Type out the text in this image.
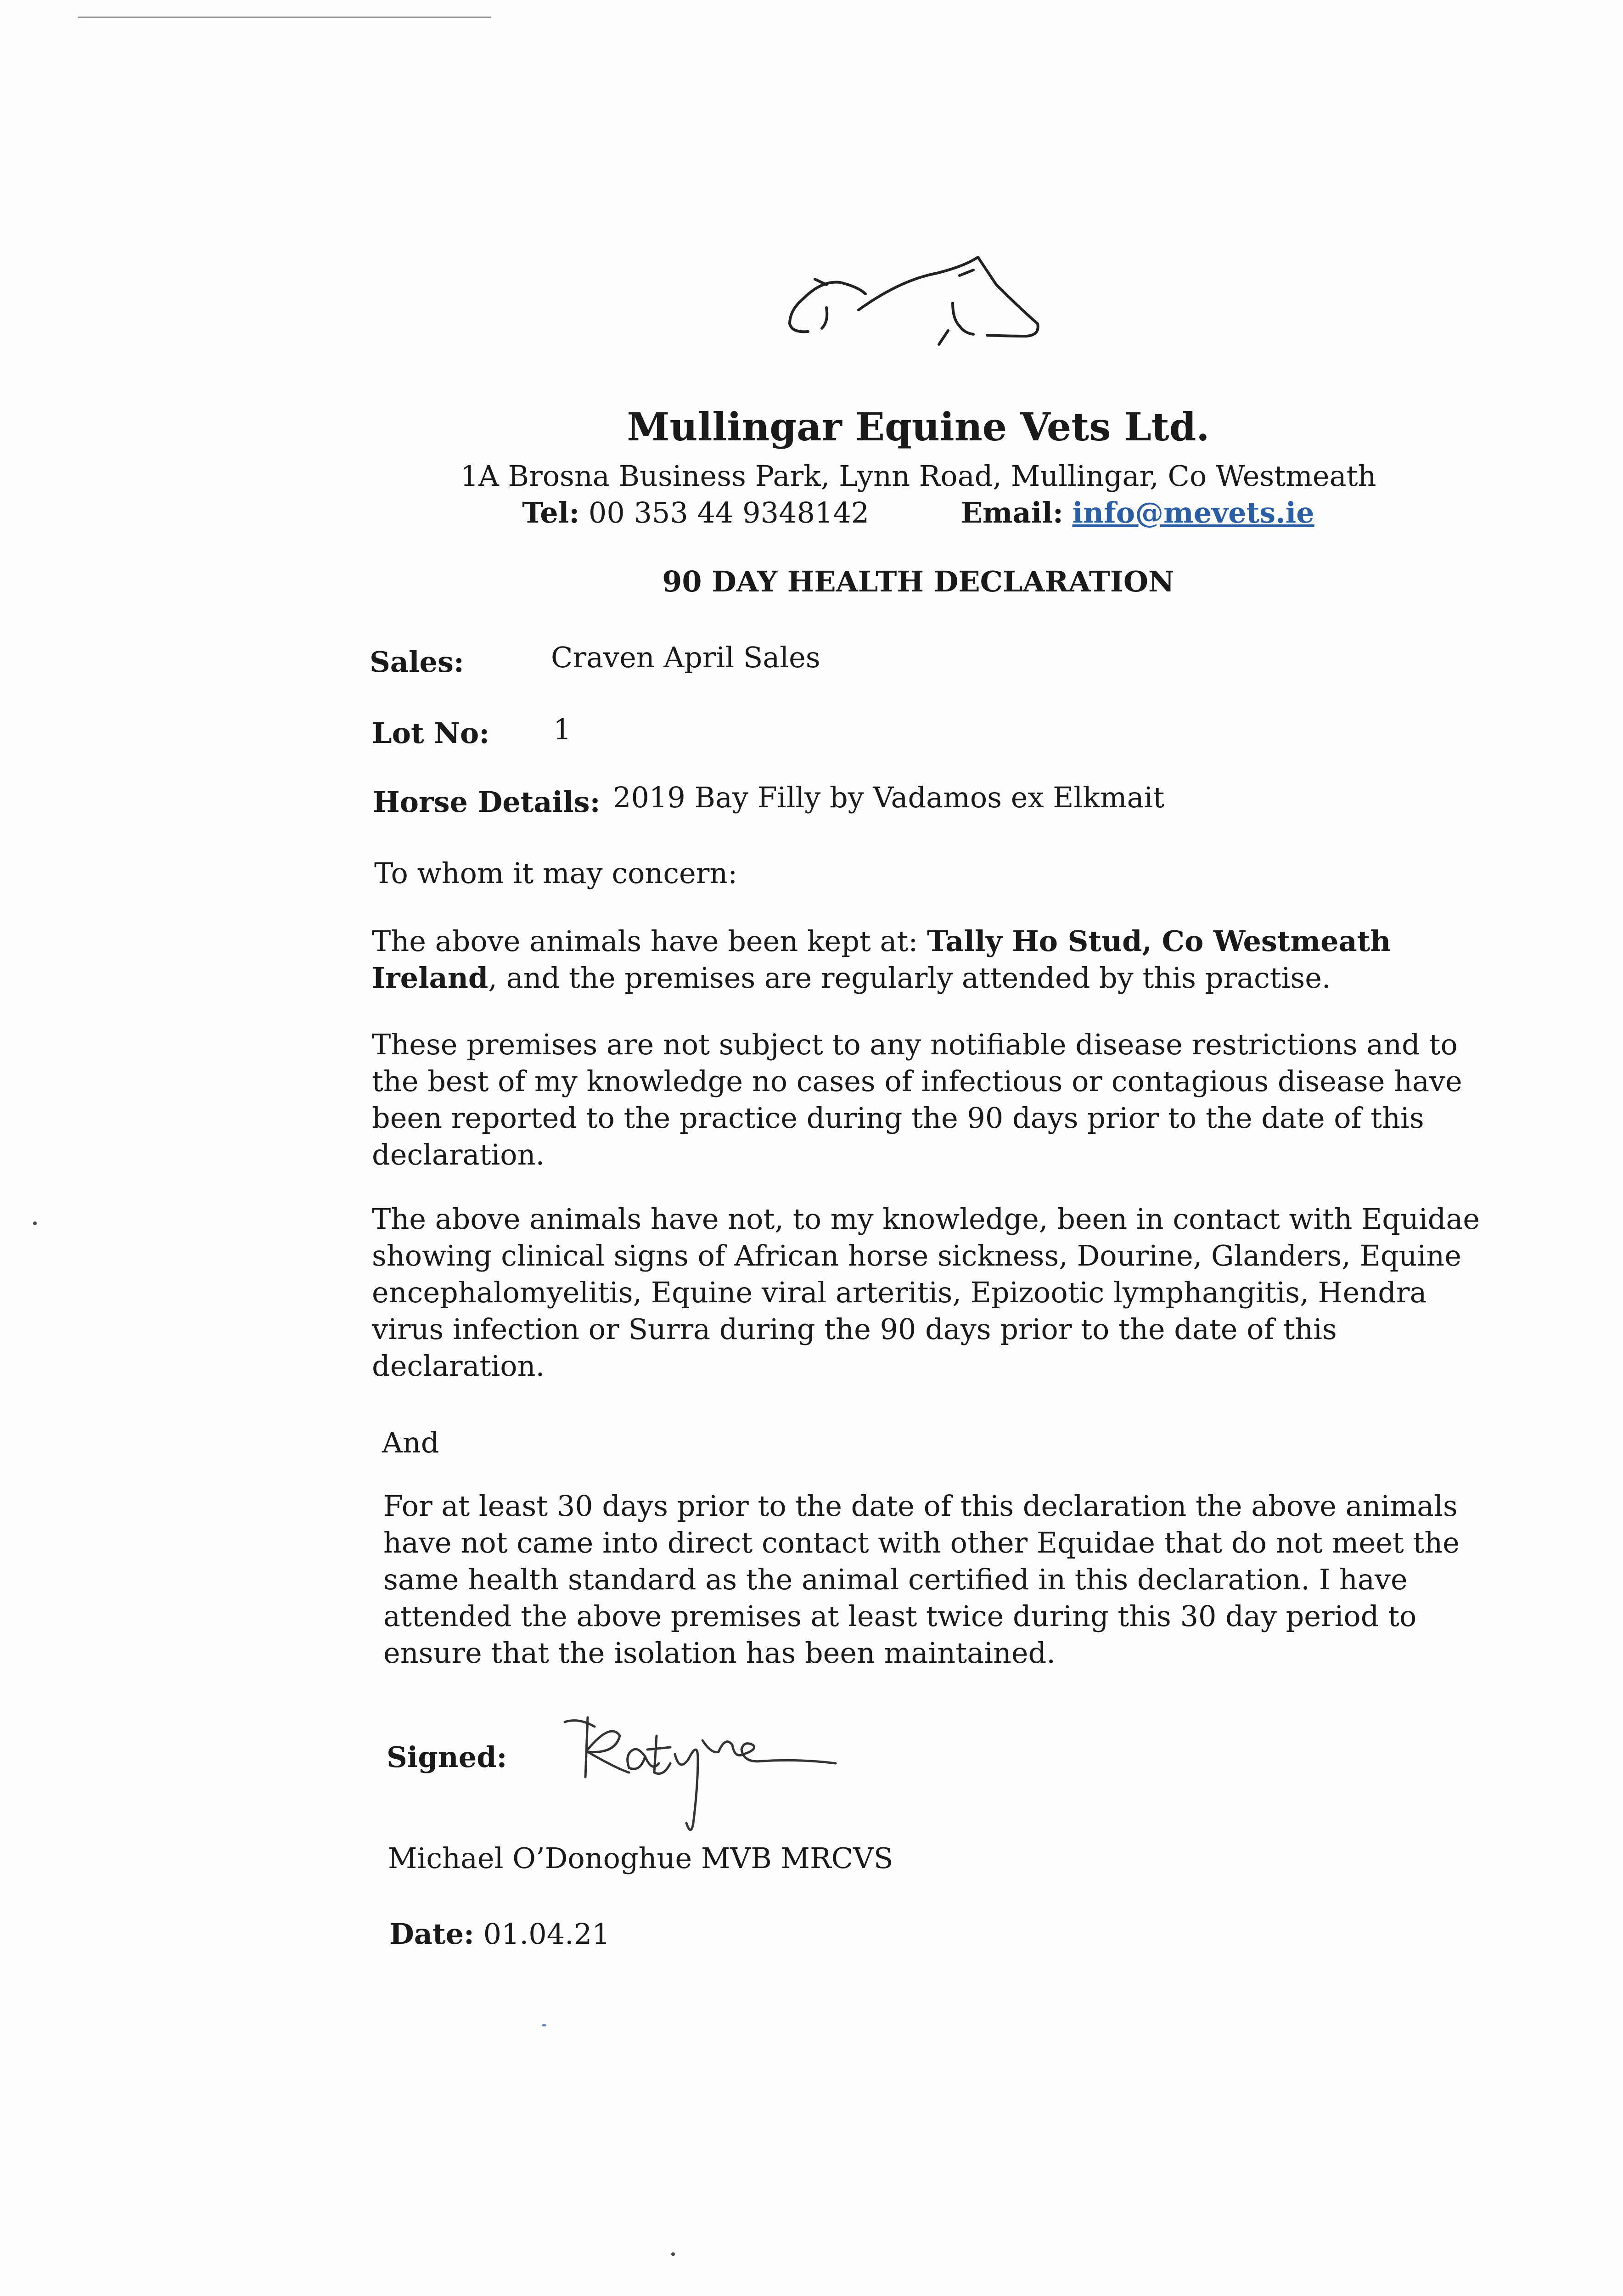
Mullingar Equine Vets Ltd.
1A Brosna Business Park, Lynn Road, Mullingar, Co Westmeath
Tel: 00 353 44 9348142	Email: info@mevets.ie
90 DAY HEALTH DECLARATION
Sales:	Craven April Sales
Lot No: 1
Horse Details: 2019 Bay Filly by Vadamos ex Elkmait
To whom it may concern:
The above animals have been kept at: Tally Ho Stud, Co Westmeath Ireland, and the premises are regularly attended by this practise.
These premises are not subject to any notifiable disease restrictions and to the best of my knowledge no cases of infectious or contagious disease have been reported to the practice during the 90 days prior to the date of this declaration.
The above animals have not, to my knowledge, been in contact with Equidae showing clinical signs of African horse sickness, Dourine, Glanders, Equine encephalomyelitis, Equine viral arteritis, Epizootic lymphangitis, Hendra virus infection or Surra during the 90 days prior to the date of this declaration.
And
For at least 30 days prior to the date of this declaration the above animals have not came into direct contact with other Equidae that do not meet the same health standard as the animal certified in this declaration. I have attended the above premises at least twice during this 30 day period to ensure that the isolation has been maintained.
Signed:
Michael O’Donoghue MVB MRCVS
Date: 01.04.21
